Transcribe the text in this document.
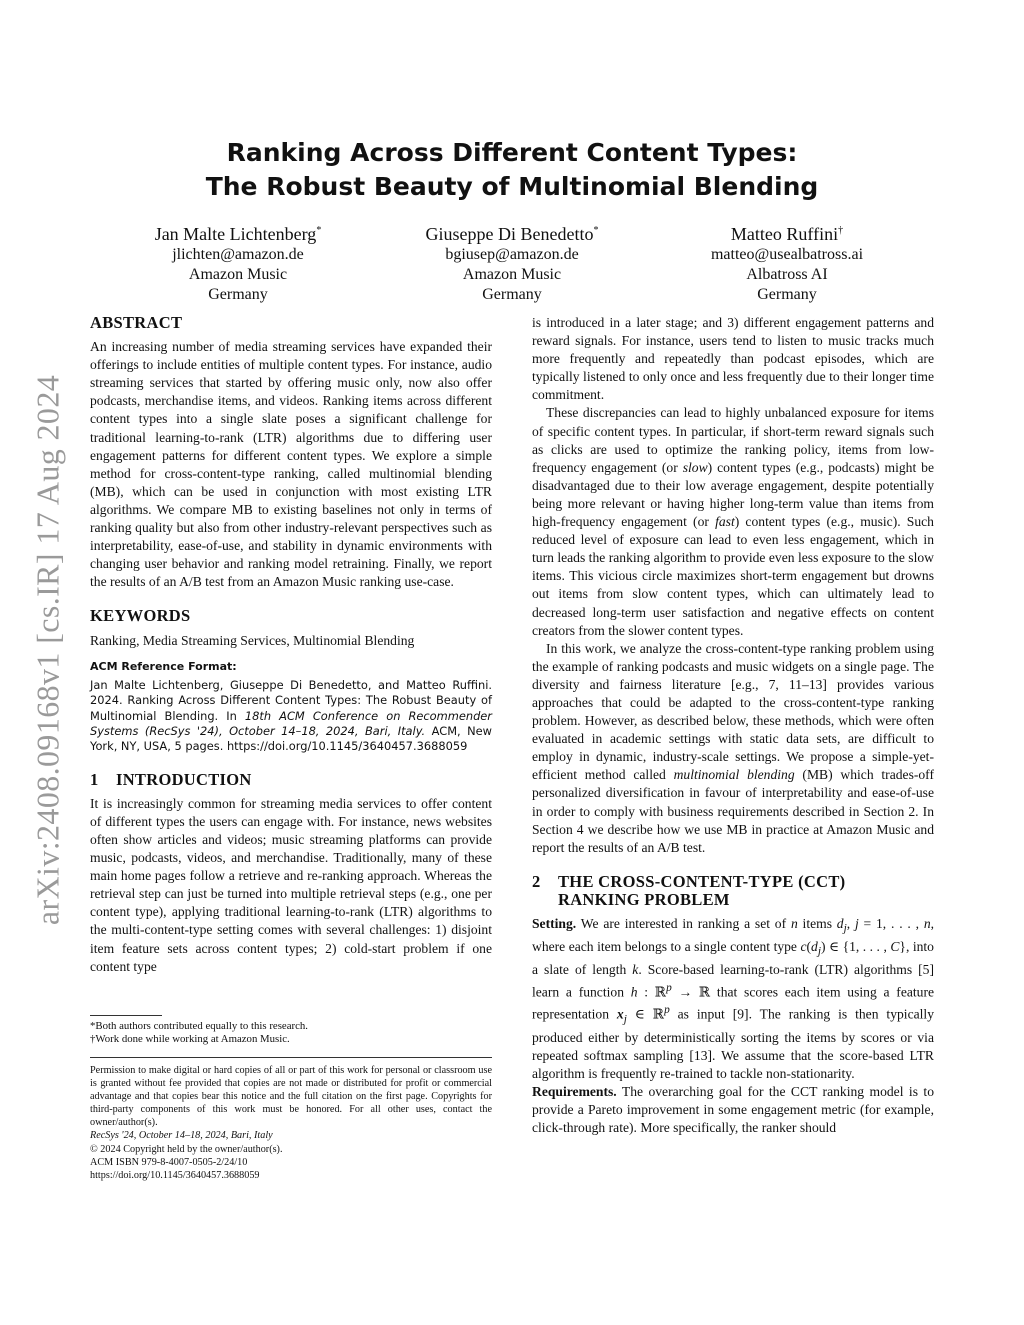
arXiv:2408.09168v1 [cs.IR] 17 Aug 2024
Ranking Across Different Content Types:
The Robust Beauty of Multinomial Blending
Jan Malte Lichtenberg*
jlichten@amazon.de
Amazon Music
Germany
Giuseppe Di Benedetto*
bgiusep@amazon.de
Amazon Music
Germany
Matteo Ruffini†
matteo@usealbatross.ai
Albatross AI
Germany
ABSTRACT

An increasing number of media streaming services have expanded their offerings to include entities of multiple content types. For instance, audio streaming services that started by offering music only, now also offer podcasts, merchandise items, and videos. Ranking items across different content types into a single slate poses a significant challenge for traditional learning-to-rank (LTR) algorithms due to differing user engagement patterns for different content types. We explore a simple method for cross-content-type ranking, called multinomial blending (MB), which can be used in conjunction with most existing LTR algorithms. We compare MB to existing baselines not only in terms of ranking quality but also from other industry-relevant perspectives such as interpretability, ease-of-use, and stability in dynamic environments with changing user behavior and ranking model retraining. Finally, we report the results of an A/B test from an Amazon Music ranking use-case.

KEYWORDS

Ranking, Media Streaming Services, Multinomial Blending

ACM Reference Format:

Jan Malte Lichtenberg, Giuseppe Di Benedetto, and Matteo Ruffini. 2024. Ranking Across Different Content Types: The Robust Beauty of Multinomial Blending. In 18th ACM Conference on Recommender Systems (RecSys '24), October 14–18, 2024, Bari, Italy. ACM, New York, NY, USA, 5 pages. https://doi.org/10.1145/3640457.3688059

1	INTRODUCTION

It is increasingly common for streaming media services to offer content of different types the users can engage with. For instance, news websites often show articles and videos; music streaming platforms can provide music, podcasts, videos, and merchandise. Traditionally, many of these main home pages follow a retrieve and re-ranking approach. Whereas the retrieval step can just be turned into multiple retrieval steps (e.g., one per content type), applying traditional learning-to-rank (LTR) algorithms to the multi-content-type setting comes with several challenges: 1) disjoint item feature sets across content types; 2) cold-start problem if one content type

*Both authors contributed equally to this research.
†Work done while working at Amazon Music.

Permission to make digital or hard copies of all or part of this work for personal or classroom use is granted without fee provided that copies are not made or distributed for profit or commercial advantage and that copies bear this notice and the full citation on the first page. Copyrights for third-party components of this work must be honored. For all other uses, contact the owner/author(s).

RecSys '24, October 14–18, 2024, Bari, Italy
© 2024 Copyright held by the owner/author(s).
ACM ISBN 979-8-4007-0505-2/24/10
https://doi.org/10.1145/3640457.3688059

is introduced in a later stage; and 3) different engagement patterns and reward signals. For instance, users tend to listen to music tracks much more frequently and repeatedly than podcast episodes, which are typically listened to only once and less frequently due to their longer time commitment.

These discrepancies can lead to highly unbalanced exposure for items of specific content types. In particular, if short-term reward signals such as clicks are used to optimize the ranking policy, items from low-frequency engagement (or slow) content types (e.g., podcasts) might be disadvantaged due to their low average engagement, despite potentially being more relevant or having higher long-term value than items from high-frequency engagement (or fast) content types (e.g., music). Such reduced level of exposure can lead to even less engagement, which in turn leads the ranking algorithm to provide even less exposure to the slow items. This vicious circle maximizes short-term engagement but drowns out items from slow content types, which can ultimately lead to decreased long-term user satisfaction and negative effects on content creators from the slower content types.

In this work, we analyze the cross-content-type ranking problem using the example of ranking podcasts and music widgets on a single page. The diversity and fairness literature [e.g., 7, 11–13] provides various approaches that could be adapted to the cross-content-type ranking problem. However, as described below, these methods, which were often evaluated in academic settings with static data sets, are difficult to employ in dynamic, industry-scale settings. We propose a simple-yet-efficient method called multinomial blending (MB) which trades-off personalized diversification in favour of interpretability and ease-of-use in order to comply with business requirements described in Section 2. In Section 4 we describe how we use MB in practice at Amazon Music and report the results of an A/B test.

2	THE CROSS-CONTENT-TYPE (CCT)
RANKING PROBLEM

Setting. We are interested in ranking a set of n items $d_j$, j = 1, . . . , n, where each item belongs to a single content type $c(d_j)$ ∈ {1, . . . , C}, into a slate of length k. Score-based learning-to-rank (LTR) algorithms [5] learn a function h : ℝ$^p$ → ℝ that scores each item using a feature representation $x_j$ ∈ ℝ$^p$ as input [9]. The ranking is then typically produced either by deterministically sorting the items by scores or via repeated softmax sampling [13]. We assume that the score-based LTR algorithm is frequently re-trained to tackle non-stationarity.

Requirements. The overarching goal for the CCT ranking model is to provide a Pareto improvement in some engagement metric (for example, click-through rate). More specifically, the ranker should
